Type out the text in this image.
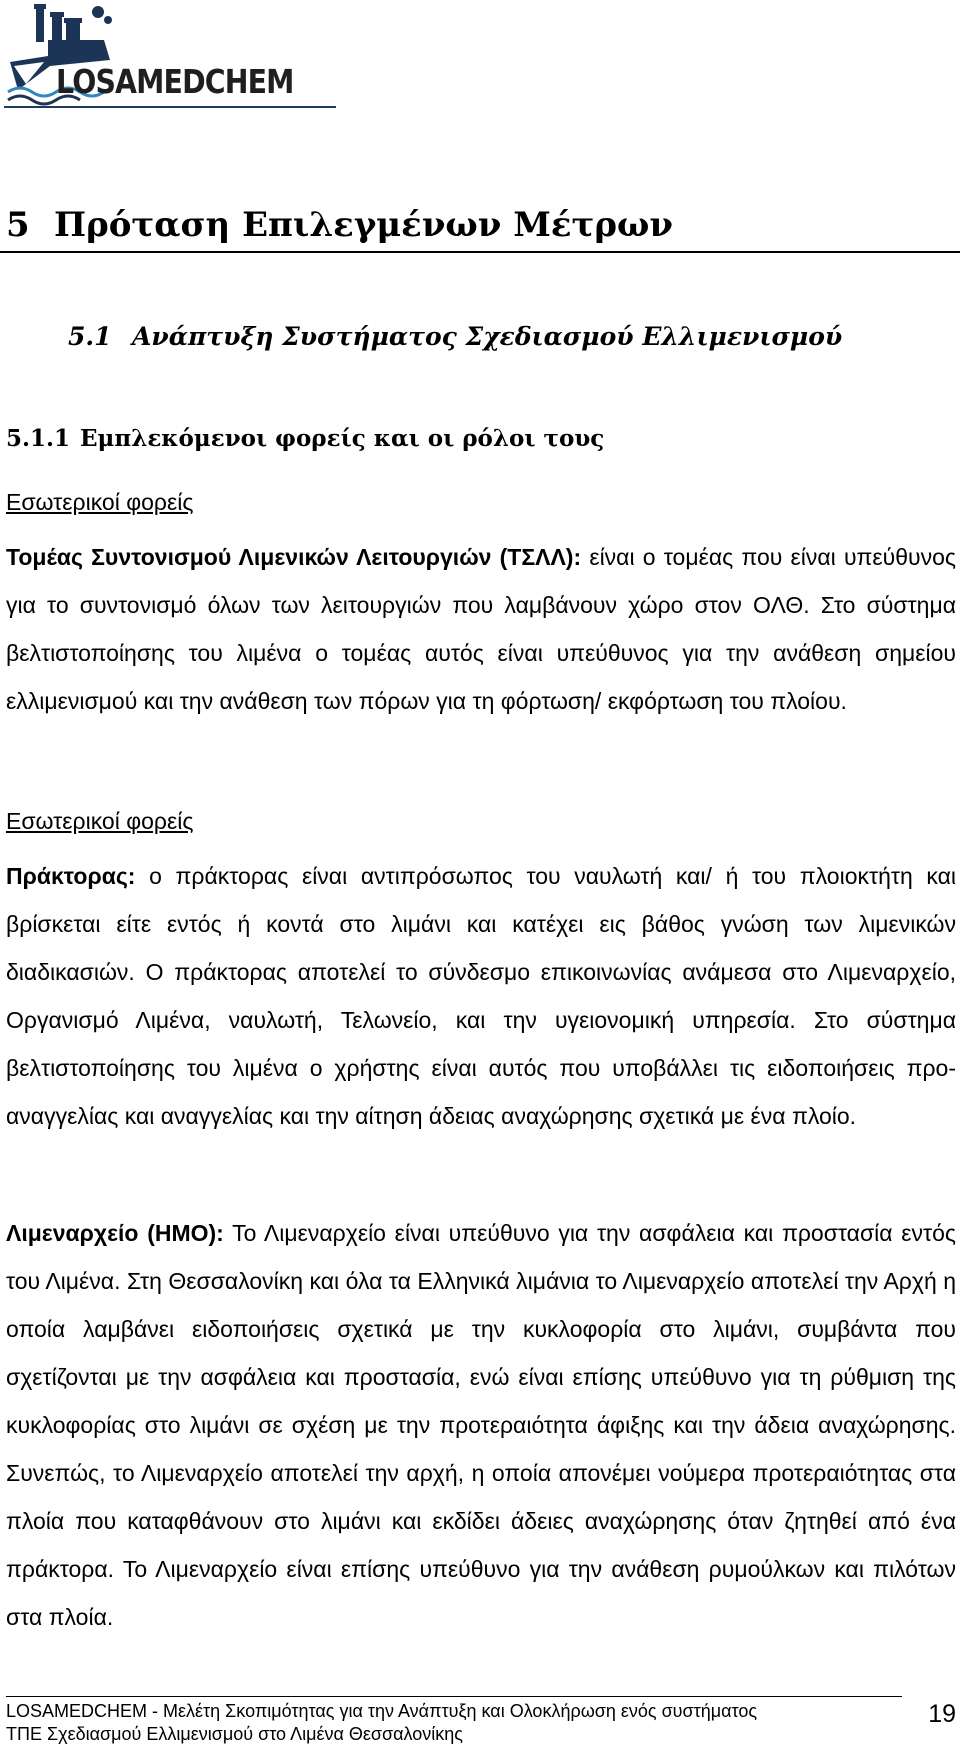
LOSAMEDCHEM
5 Πρόταση Επιλεγμένων Μέτρων
5.1 Ανάπτυξη Συστήματος Σχεδιασμού Ελλιμενισμού
5.1.1 Εμπλεκόμενοι φορείς και οι ρόλοι τους
Εσωτερικοί φορείς

Τομέας Συντονισμού Λιμενικών Λειτουργιών (ΤΣΛΛ): είναι ο τομέας που είναι υπεύθυνος για το συντονισμό όλων των λειτουργιών που λαμβάνουν χώρο στον ΟΛΘ. Στο σύστημα βελτιστοποίησης του λιμένα ο τομέας αυτός είναι υπεύθυνος για την ανάθεση σημείου ελλιμενισμού και την ανάθεση των πόρων για τη φόρτωση/ εκφόρτωση του πλοίου.

Εσωτερικοί φορείς

Πράκτορας: ο πράκτορας είναι αντιπρόσωπος του ναυλωτή και/ ή του πλοιοκτήτη και βρίσκεται είτε εντός ή κοντά στο λιμάνι και κατέχει εις βάθος γνώση των λιμενικών διαδικασιών. Ο πράκτορας αποτελεί το σύνδεσμο επικοινωνίας ανάμεσα στο Λιμεναρχείο, Οργανισμό Λιμένα, ναυλωτή, Τελωνείο, και την υγειονομική υπηρεσία. Στο σύστημα βελτιστοποίησης του λιμένα ο χρήστης είναι αυτός που υποβάλλει τις ειδοποιήσεις προ-αναγγελίας και αναγγελίας και την αίτηση άδειας αναχώρησης σχετικά με ένα πλοίο.

Λιμεναρχείο (ΗΜΟ): Το Λιμεναρχείο είναι υπεύθυνο για την ασφάλεια και προστασία εντός του Λιμένα. Στη Θεσσαλονίκη και όλα τα Ελληνικά λιμάνια το Λιμεναρχείο αποτελεί την Αρχή η οποία λαμβάνει ειδοποιήσεις σχετικά με την κυκλοφορία στο λιμάνι, συμβάντα που σχετίζονται με την ασφάλεια και προστασία, ενώ είναι επίσης υπεύθυνο για τη ρύθμιση της κυκλοφορίας στο λιμάνι σε σχέση με την προτεραιότητα άφιξης και την άδεια αναχώρησης. Συνεπώς, το Λιμεναρχείο αποτελεί την αρχή, η οποία απονέμει νούμερα προτεραιότητας στα πλοία που καταφθάνουν στο λιμάνι και εκδίδει άδειες αναχώρησης όταν ζητηθεί από ένα πράκτορα. Το Λιμεναρχείο είναι επίσης υπεύθυνο για την ανάθεση ρυμούλκων και πιλότων στα πλοία.

LOSAMEDCHEM - Μελέτη Σκοπιμότητας για την Ανάπτυξη και Ολοκλήρωση ενός συστήματος
ΤΠΕ Σχεδιασμού Ελλιμενισμού στο Λιμένα Θεσσαλονίκης
19
